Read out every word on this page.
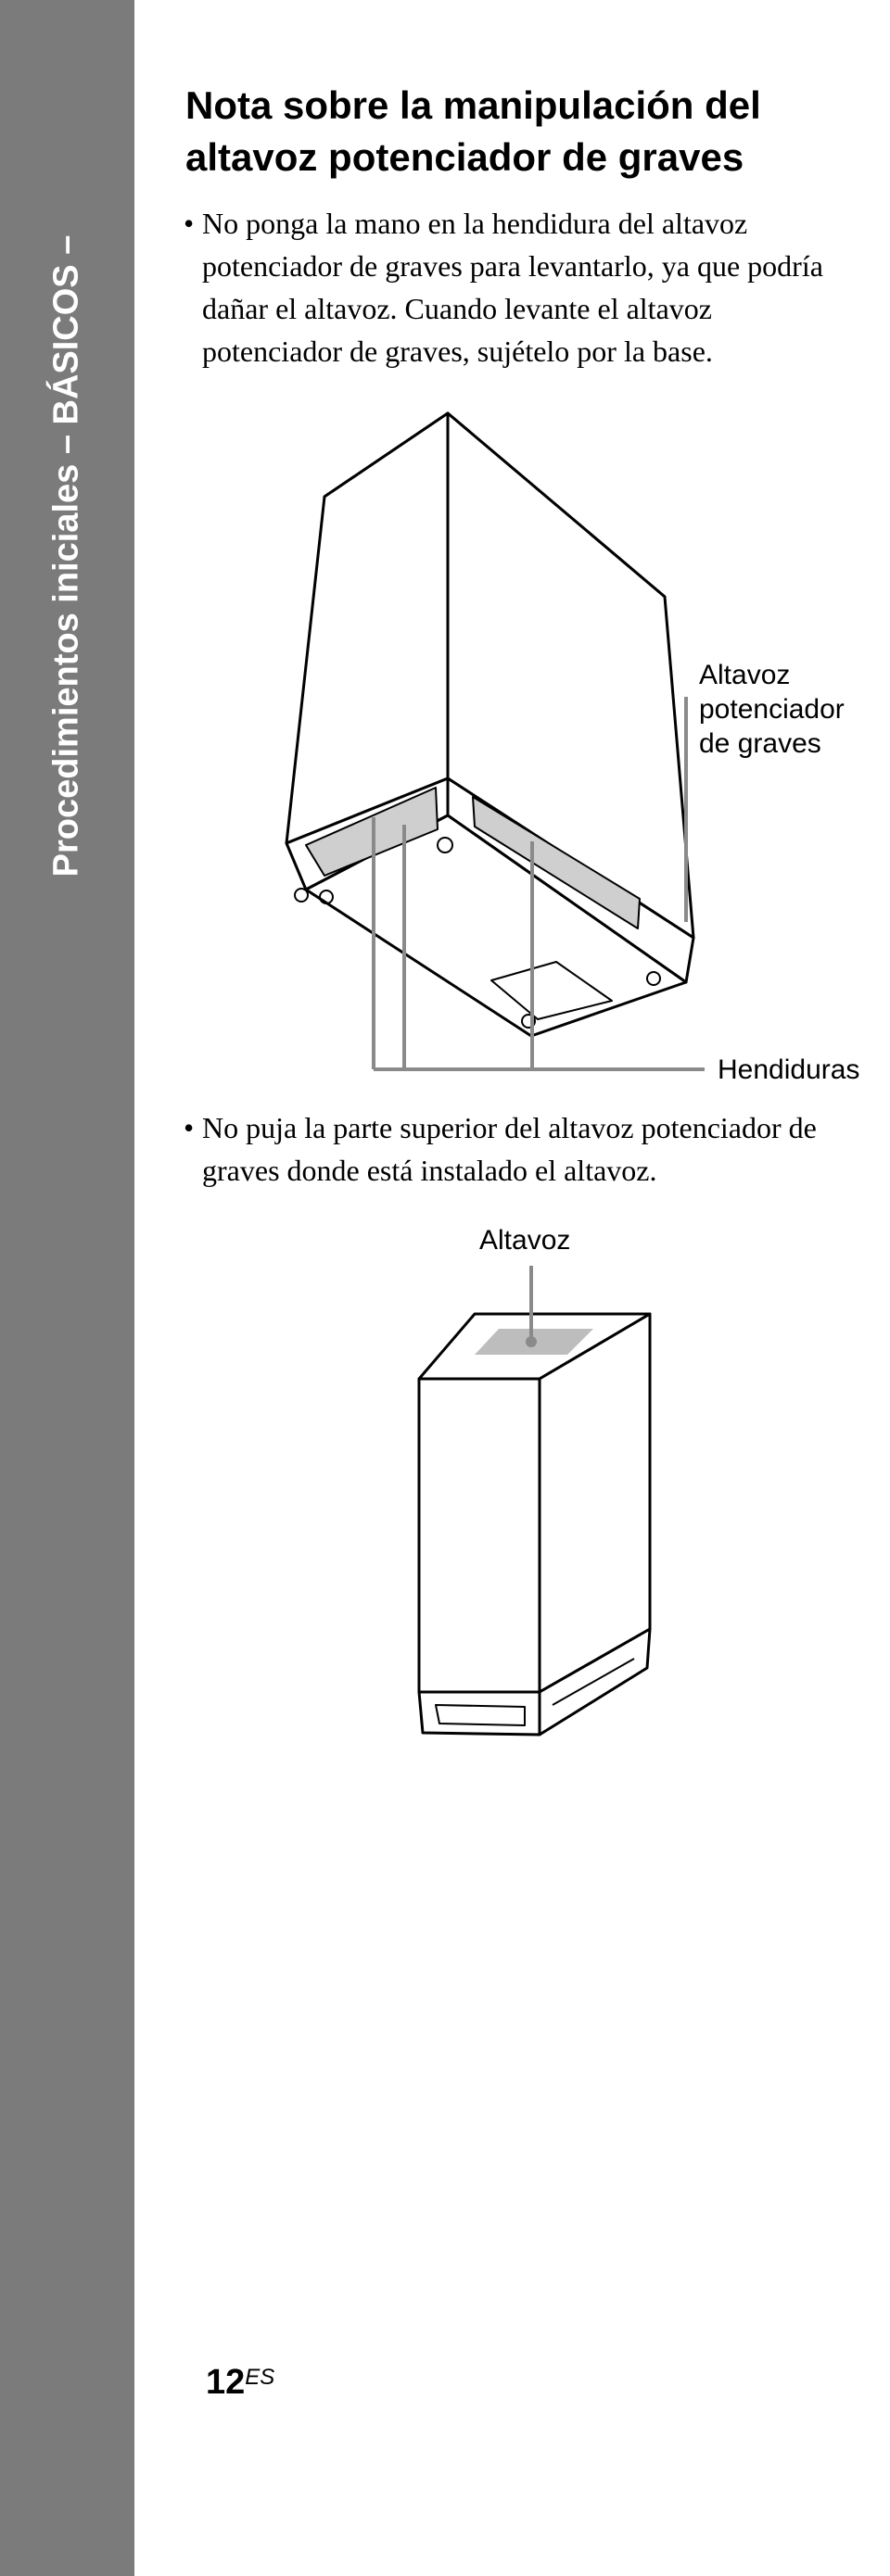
Procedimientos iniciales – BÁSICOS –
Nota sobre la manipulación del
altavoz potenciador de graves
• No ponga la mano en la hendidura del altavoz
potenciador de graves para levantarlo, ya que podría
dañar el altavoz. Cuando levante el altavoz
potenciador de graves, sujételo por la base.
Altavoz
potenciador
de graves
Hendiduras
• No puja la parte superior del altavoz potenciador de
graves donde está instalado el altavoz.
Altavoz
12ES
